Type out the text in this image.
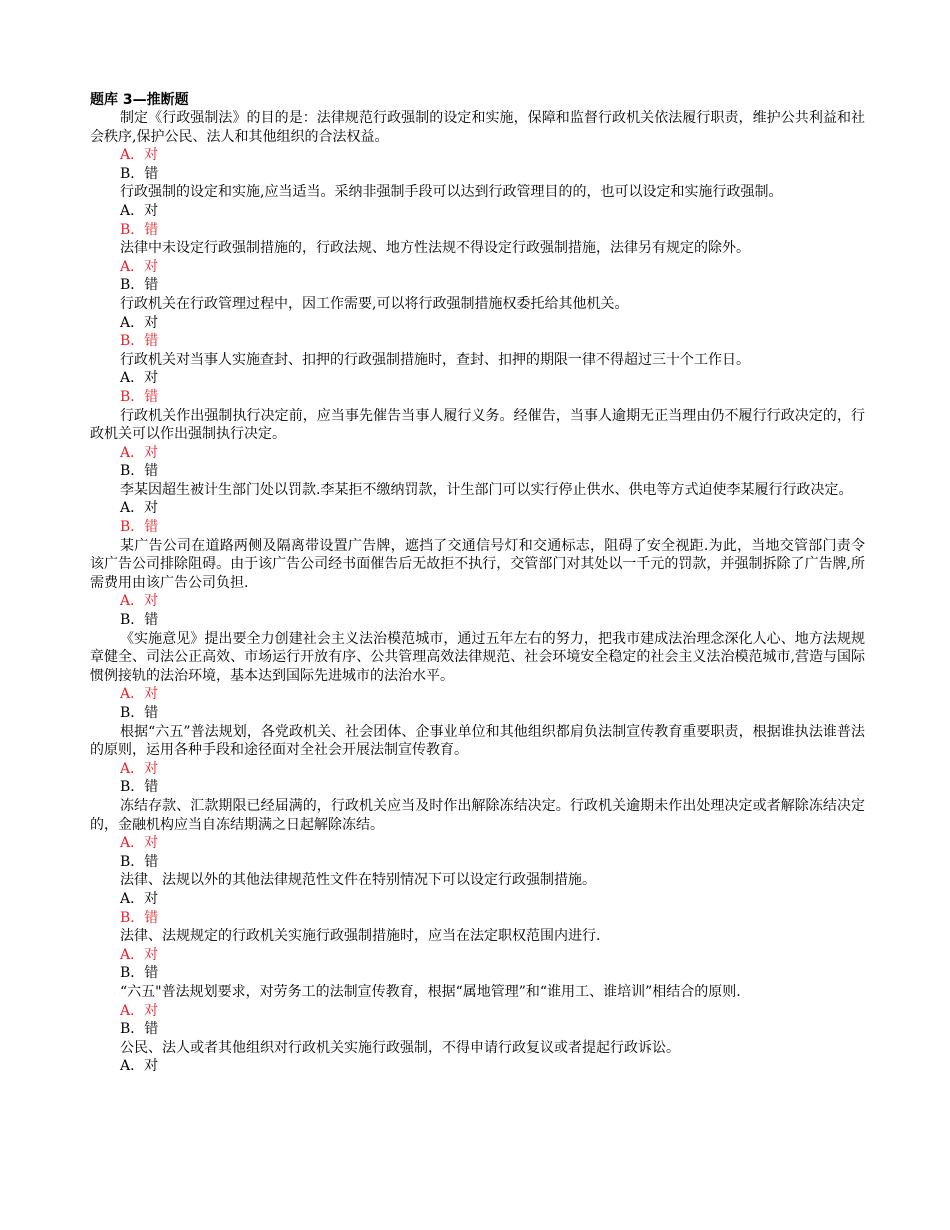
题库 3—推断题
制定《行政强制法》的目的是：法律规范行政强制的设定和实施，保障和监督行政机关依法履行职责，维护公共利益和社会秩序,保护公民、法人和其他组织的合法权益。
A．对
B．错
行政强制的设定和实施,应当适当。采纳非强制手段可以达到行政管理目的的，也可以设定和实施行政强制。
A．对
B．错
法律中未设定行政强制措施的，行政法规、地方性法规不得设定行政强制措施，法律另有规定的除外。
A．对
B．错
行政机关在行政管理过程中，因工作需要,可以将行政强制措施权委托给其他机关。
A．对
B．错
行政机关对当事人实施查封、扣押的行政强制措施时，查封、扣押的期限一律不得超过三十个工作日。
A．对
B．错
行政机关作出强制执行决定前，应当事先催告当事人履行义务。经催告，当事人逾期无正当理由仍不履行行政决定的，行政机关可以作出强制执行决定。
A．对
B．错
李某因超生被计生部门处以罚款.李某拒不缴纳罚款，计生部门可以实行停止供水、供电等方式迫使李某履行行政决定。
A．对
B．错
某广告公司在道路两侧及隔离带设置广告牌，遮挡了交通信号灯和交通标志，阻碍了安全视距.为此，当地交管部门责令该广告公司排除阻碍。由于该广告公司经书面催告后无故拒不执行，交管部门对其处以一千元的罚款，并强制拆除了广告牌,所需费用由该广告公司负担.
A．对
B．错
《实施意见》提出要全力创建社会主义法治模范城市，通过五年左右的努力，把我市建成法治理念深化人心、地方法规规章健全、司法公正高效、市场运行开放有序、公共管理高效法律规范、社会环境安全稳定的社会主义法治模范城市,营造与国际惯例接轨的法治环境，基本达到国际先进城市的法治水平。
A．对
B．错
根据“六五”普法规划，各党政机关、社会团体、企事业单位和其他组织都肩负法制宣传教育重要职责，根据谁执法谁普法的原则，运用各种手段和途径面对全社会开展法制宣传教育。
A．对
B．错
冻结存款、汇款期限已经届满的，行政机关应当及时作出解除冻结决定。行政机关逾期未作出处理决定或者解除冻结决定的，金融机构应当自冻结期满之日起解除冻结。
A．对
B．错
法律、法规以外的其他法律规范性文件在特别情况下可以设定行政强制措施。
A．对
B．错
法律、法规规定的行政机关实施行政强制措施时，应当在法定职权范围内进行.
A．对
B．错
“六五"普法规划要求，对劳务工的法制宣传教育，根据“属地管理”和“谁用工、谁培训”相结合的原则.
A．对
B．错
公民、法人或者其他组织对行政机关实施行政强制，不得申请行政复议或者提起行政诉讼。
A．对
